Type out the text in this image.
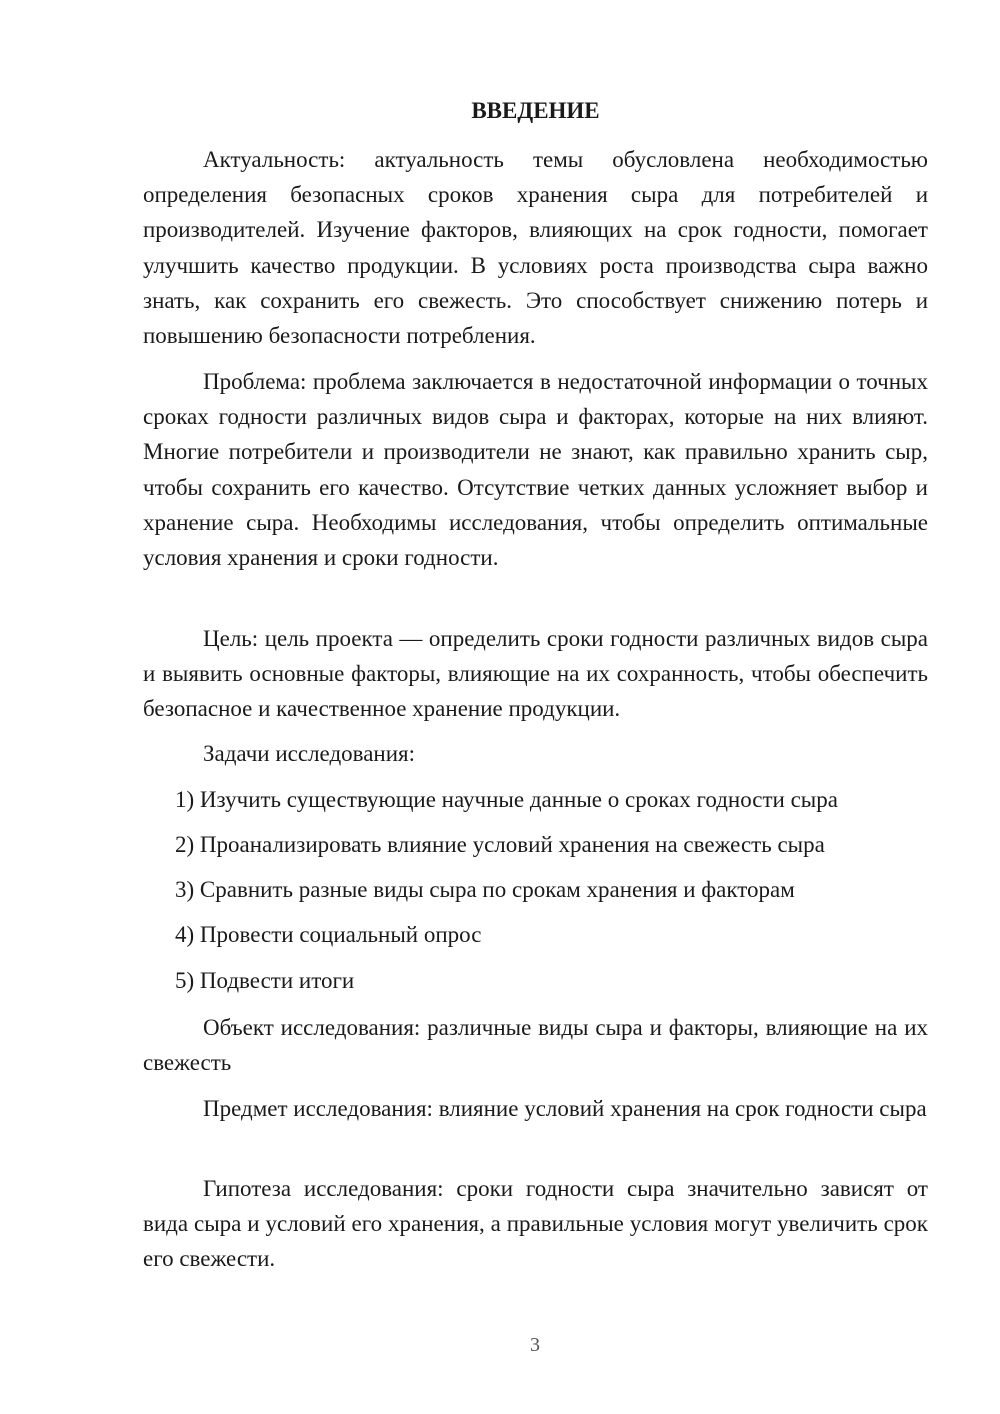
ВВЕДЕНИЕ

Актуальность: актуальность темы обусловлена необходимостью определения безопасных сроков хранения сыра для потребителей и производителей. Изучение факторов, влияющих на срок годности, помогает улучшить качество продукции. В условиях роста производства сыра важно знать, как сохранить его свежесть. Это способствует снижению потерь и повышению безопасности потребления.

Проблема: проблема заключается в недостаточной информации о точных сроках годности различных видов сыра и факторах, которые на них влияют. Многие потребители и производители не знают, как правильно хранить сыр, чтобы сохранить его качество. Отсутствие четких данных усложняет выбор и хранение сыра. Необходимы исследования, чтобы определить оптимальные условия хранения и сроки годности.

Цель: цель проекта — определить сроки годности различных видов сыра и выявить основные факторы, влияющие на их сохранность, чтобы обеспечить безопасное и качественное хранение продукции.

Задачи исследования:

1) Изучить существующие научные данные о сроках годности сыра

2) Проанализировать влияние условий хранения на свежесть сыра

3) Сравнить разные виды сыра по срокам хранения и факторам

4) Провести социальный опрос

5) Подвести итоги

Объект исследования: различные виды сыра и факторы, влияющие на их свежесть

Предмет исследования: влияние условий хранения на срок годности сыра

Гипотеза исследования: сроки годности сыра значительно зависят от вида сыра и условий его хранения, а правильные условия могут увеличить срок его свежести.

3
